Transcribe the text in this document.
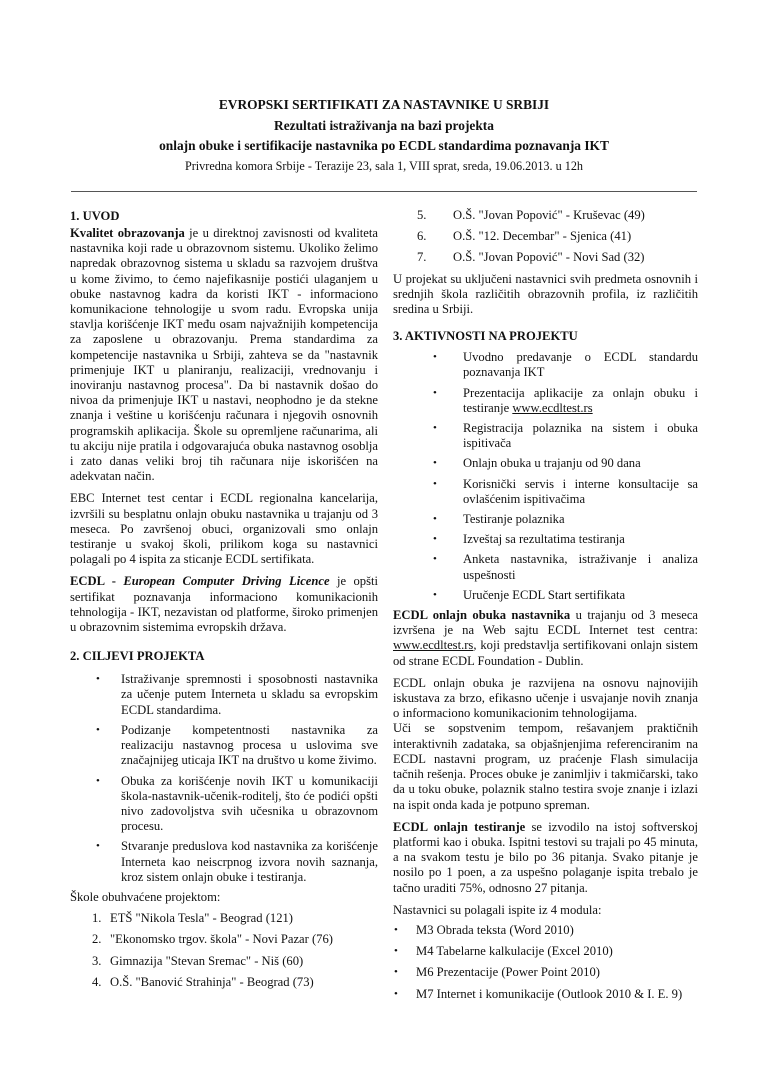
EVROPSKI SERTIFIKATI ZA NASTAVNIKE U SRBIJI
Rezultati istraživanja na bazi projekta
onlajn obuke i sertifikacije nastavnika po ECDL standardima poznavanja IKT
Privredna komora Srbije - Terazije 23, sala 1, VIII sprat, sreda, 19.06.2013. u 12h
1. UVOD

Kvalitet obrazovanja je u direktnoj zavisnosti od kvaliteta nastavnika koji rade u obrazovnom sistemu. Ukoliko želimo napredak obrazovnog sistema u skladu sa razvojem društva u kome živimo, to ćemo najefikasnije postići ulaganjem u obuke nastavnog kadra da koristi IKT - informaciono komunikacione tehnologije u svom radu. Evropska unija stavlja korišćenje IKT među osam najvažnijih kompetencija za zaposlene u obrazovanju. Prema standardima za kompetencije nastavnika u Srbiji, zahteva se da "nastavnik primenjuje IKT u planiranju, realizaciji, vrednovanju i inoviranju nastavnog procesa". Da bi nastavnik došao do nivoa da primenjuje IKT u nastavi, neophodno je da stekne znanja i veštine u korišćenju računara i njegovih osnovnih programskih aplikacija. Škole su opremljene računarima, ali tu akciju nije pratila i odgovarajuća obuka nastavnog osoblja i zato danas veliki broj tih računara nije iskorišćen na adekvatan način.

EBC Internet test centar i ECDL regionalna kancelarija, izvršili su besplatnu onlajn obuku nastavnika u trajanju od 3 meseca. Po završenoj obuci, organizovali smo onlajn testiranje u svakoj školi, prilikom koga su nastavnici polagali po 4 ispita za sticanje ECDL sertifikata.

ECDL - European Computer Driving Licence je opšti sertifikat poznavanja informaciono komunikacionih tehnologija - IKT, nezavistan od platforme, široko primenjen u obrazovnim sistemima evropskih država.

2. CILJEVI PROJEKTA
• Istraživanje spremnosti i sposobnosti nastavnika za učenje putem Interneta u skladu sa evropskim ECDL standardima.
• Podizanje kompetentnosti nastavnika za realizaciju nastavnog procesa u uslovima sve značajnijeg uticaja IKT na društvo u kome živimo.
• Obuka za korišćenje novih IKT u komunikaciji škola-nastavnik-učenik-roditelj, što će podići opšti nivo zadovoljstva svih učesnika u obrazovnom procesu.
• Stvaranje preduslova kod nastavnika za korišćenje Interneta kao neiscrpnog izvora novih saznanja, kroz sistem onlajn obuke i testiranja.

Škole obuhvaćene projektom:

1. ETŠ "Nikola Tesla" - Beograd (121)
2. "Ekonomsko trgov. škola" - Novi Pazar (76)
3. Gimnazija "Stevan Sremac" - Niš (60)
4. O.Š. "Banović Strahinja" - Beograd (73)
5. O.Š. "Jovan Popović" - Kruševac (49)
6. O.Š. "12. Decembar" - Sjenica (41)
7. O.Š. "Jovan Popović" - Novi Sad (32)

U projekat su uključeni nastavnici svih predmeta osnovnih i srednjih škola različitih obrazovnih profila, iz različitih sredina u Srbiji.

3. AKTIVNOSTI NA PROJEKTU
• Uvodno predavanje o ECDL standardu poznavanja IKT
• Prezentacija aplikacije za onlajn obuku i testiranje www.ecdltest.rs
• Registracija polaznika na sistem i obuka ispitivača
• Onlajn obuka u trajanju od 90 dana
• Korisnički servis i interne konsultacije sa ovlašćenim ispitivačima
• Testiranje polaznika
• Izveštaj sa rezultatima testiranja
• Anketa nastavnika, istraživanje i analiza uspešnosti
• Uručenje ECDL Start sertifikata

ECDL onlajn obuka nastavnika u trajanju od 3 meseca izvršena je na Web sajtu ECDL Internet test centra: www.ecdltest.rs, koji predstavlja sertifikovani onlajn sistem od strane ECDL Foundation - Dublin.

ECDL onlajn obuka je razvijena na osnovu najnovijih iskustava za brzo, efikasno učenje i usvajanje novih znanja o informaciono komunikacionim tehnologijama.

Uči se sopstvenim tempom, rešavanjem praktičnih interaktivnih zadataka, sa objašnjenjima referenciranim na ECDL nastavni program, uz praćenje Flash simulacija tačnih rešenja. Proces obuke je zanimljiv i takmičarski, tako da u toku obuke, polaznik stalno testira svoje znanje i izlazi na ispit onda kada je potpuno spreman.

ECDL onlajn testiranje se izvodilo na istoj softverskoj platformi kao i obuka. Ispitni testovi su trajali po 45 minuta, a na svakom testu je bilo po 36 pitanja. Svako pitanje je nosilo po 1 poen, a za uspešno polaganje ispita trebalo je tačno uraditi 75%, odnosno 27 pitanja.

Nastavnici su polagali ispite iz 4 modula:

• M3 Obrada teksta (Word 2010)
• M4 Tabelarne kalkulacije (Excel 2010)
• M6 Prezentacije (Power Point 2010)
• M7 Internet i komunikacije (Outlook 2010 & I. E. 9)
